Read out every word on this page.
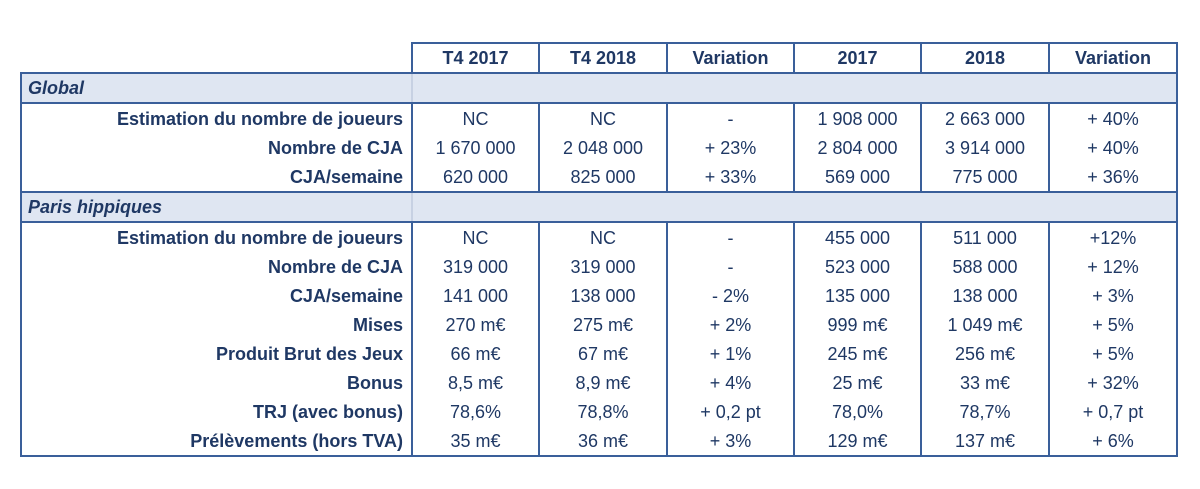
	T4 2017	T4 2018	Variation	2017	2018	Variation
Global						
Estimation du nombre de joueurs	NC	NC	-	1 908 000	2 663 000	+ 40%
Nombre de CJA	1 670 000	2 048 000	+ 23%	2 804 000	3 914 000	+ 40%
CJA/semaine	620 000	825 000	+ 33%	569 000	775 000	+ 36%
Paris hippiques						
Estimation du nombre de joueurs	NC	NC	-	455 000	511 000	+12%
Nombre de CJA	319 000	319 000	-	523 000	588 000	+ 12%
CJA/semaine	141 000	138 000	- 2%	135 000	138 000	+ 3%
Mises	270 m€	275 m€	+ 2%	999 m€	1 049 m€	+ 5%
Produit Brut des Jeux	66 m€	67 m€	+ 1%	245 m€	256 m€	+ 5%
Bonus	8,5 m€	8,9 m€	+ 4%	25 m€	33 m€	+ 32%
TRJ (avec bonus)	78,6%	78,8%	+ 0,2 pt	78,0%	78,7%	+ 0,7 pt
Prélèvements (hors TVA)	35 m€	36 m€	+ 3%	129 m€	137 m€	+ 6%
